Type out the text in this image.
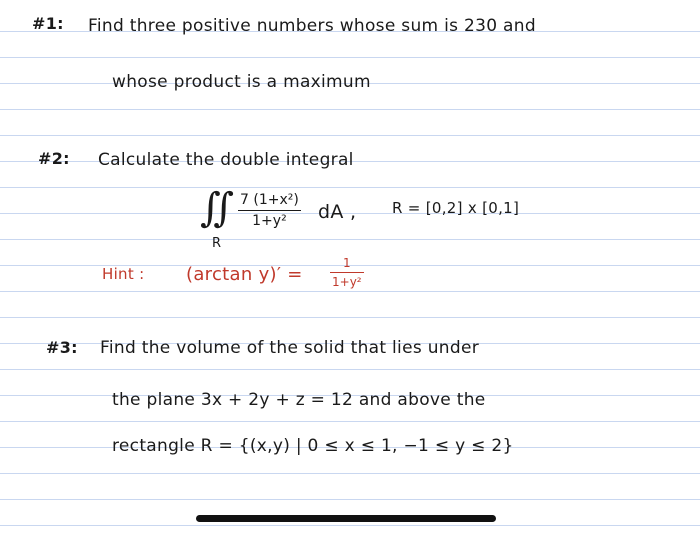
#1: Find three positive numbers whose sum is 230 and
whose product is a maximum
#2: Calculate the double integral
∬
R
7 (1+x²)
1+y² dA , R = [0,2] x [0,1]
Hint : (arctan y)′ =
1
1+y²
#3: Find the volume of the solid that lies under
the plane 3x + 2y + z = 12 and above the
rectangle R = {(x,y) | 0 ≤ x ≤ 1, −1 ≤ y ≤ 2}
